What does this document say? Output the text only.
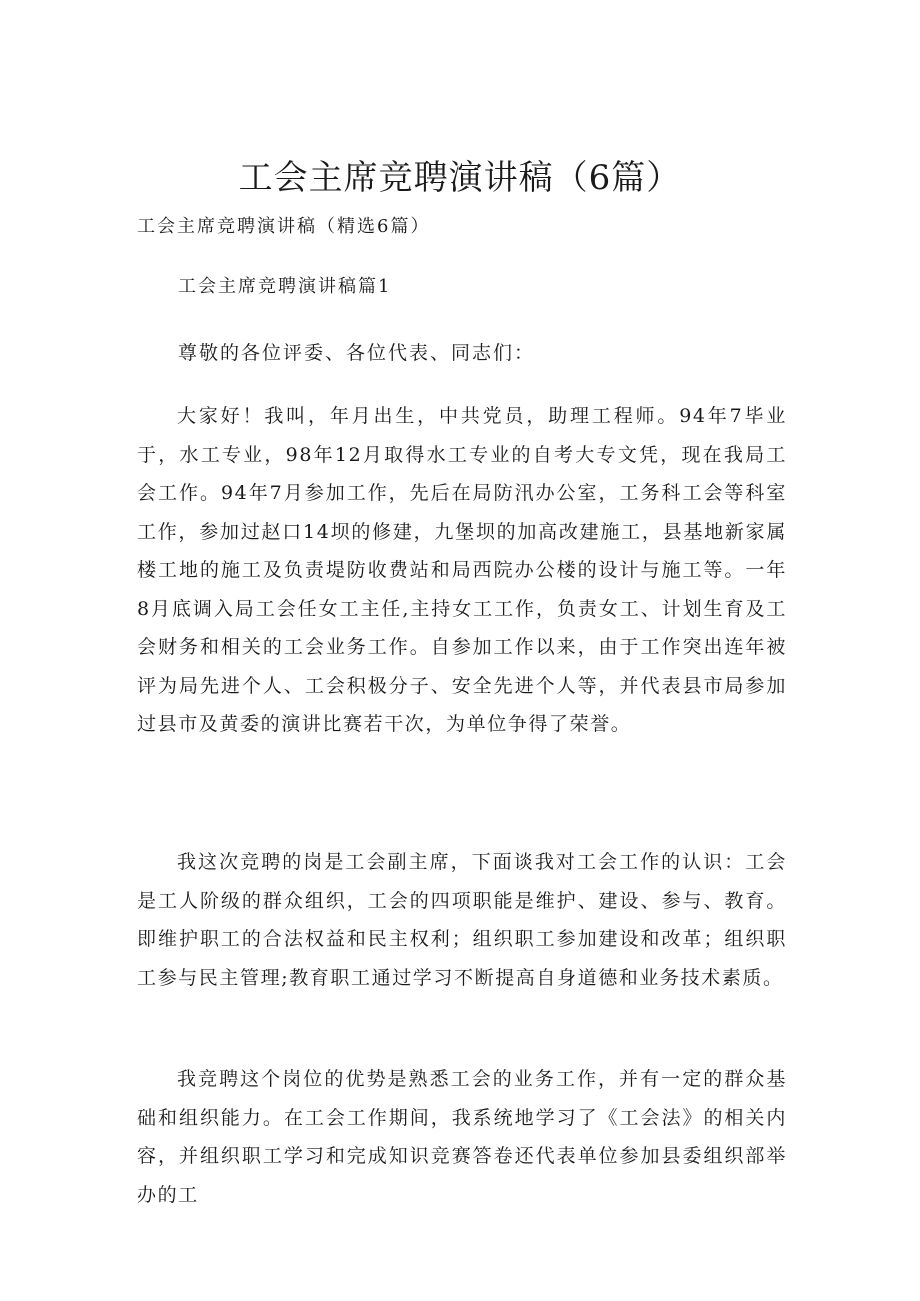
工会主席竞聘演讲稿（6篇）

工会主席竞聘演讲稿（精选6篇）

工会主席竞聘演讲稿篇1

尊敬的各位评委、各位代表、同志们：

大家好！我叫，年月出生，中共党员，助理工程师。94年7毕业于，水工专业，98年12月取得水工专业的自考大专文凭，现在我局工会工作。94年7月参加工作，先后在局防汛办公室，工务科工会等科室工作，参加过赵口14坝的修建，九堡坝的加高改建施工，县基地新家属楼工地的施工及负责堤防收费站和局西院办公楼的设计与施工等。一年8月底调入局工会任女工主任,主持女工工作，负责女工、计划生育及工会财务和相关的工会业务工作。自参加工作以来，由于工作突出连年被评为局先进个人、工会积极分子、安全先进个人等，并代表县市局参加过县市及黄委的演讲比赛若干次，为单位争得了荣誉。

我这次竞聘的岗是工会副主席，下面谈我对工会工作的认识：工会是工人阶级的群众组织，工会的四项职能是维护、建设、参与、教育。即维护职工的合法权益和民主权利；组织职工参加建设和改革；组织职工参与民主管理;教育职工通过学习不断提高自身道德和业务技术素质。

我竞聘这个岗位的优势是熟悉工会的业务工作，并有一定的群众基础和组织能力。在工会工作期间，我系统地学习了《工会法》的相关内容，并组织职工学习和完成知识竞赛答卷还代表单位参加县委组织部举办的工
